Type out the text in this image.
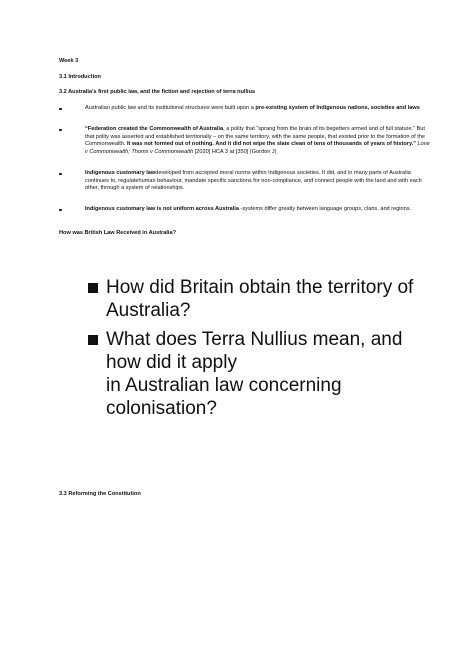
Week 3
3.1 Introduction
3.2 Australia’s first public law, and the fiction and rejection of terra nullius
Australian public law and its institutional structures were built upon a pre-existing system of Indigenous nations, societies and laws
“Federation created the Commonwealth of Australia, a polity that “sprang from the brain of its begetters armed and of full stature.” But that polity was asserted and established territorially – on the same territory, with the same people, that existed prior to the formation of the Commonwealth. It was not formed out of nothing. And it did not wipe the slate clean of tens of thousands of years of history.” Love v Commonwealth; Thoms v Commonwealth [2020] HCA 3 at [350] (Gordon J)
Indigenous customary lawdeveloped from accepted moral norms within Indigenous societies. It did, and in many parts of Australia continues to, regulatehuman behaviour, mandate specific sanctions for non-compliance, and connect people with the land and with each other, through a system of relationships.
Indigenous customary law is not uniform across Australia -systems differ greatly between language groups, clans, and regions.
How was British Law Received in Australia?
How did Britain obtain the territory of
Australia?
What does Terra Nullius mean, and
how did it apply
in Australian law concerning
colonisation?
3.3 Reforming the Constitution
